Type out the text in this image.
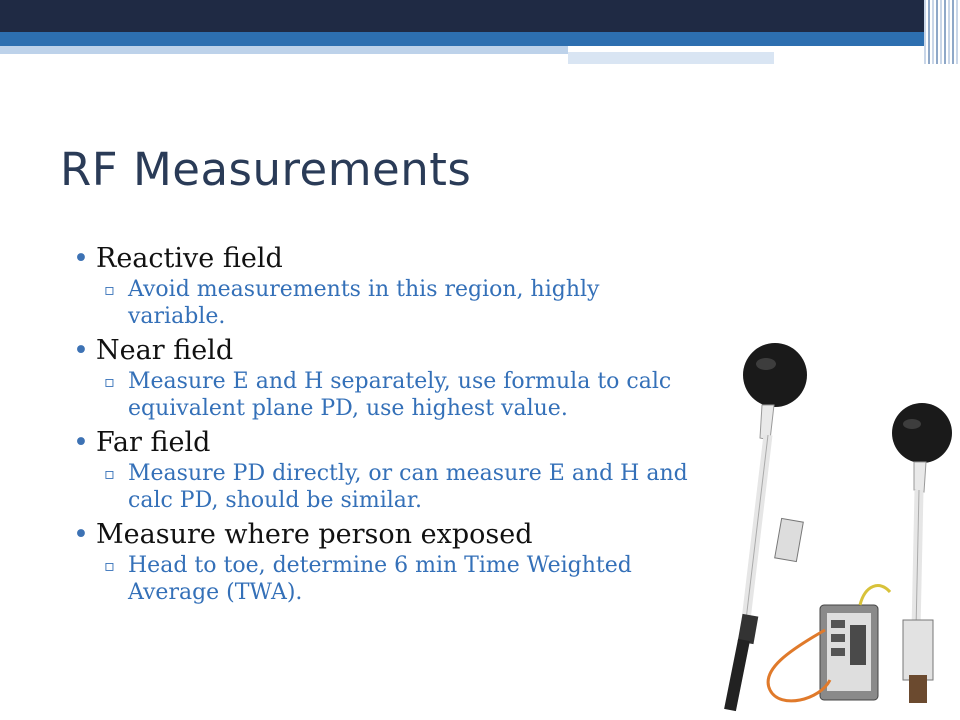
RF Measurements
• Reactive field
▫ Avoid measurements in this region, highly variable.
• Near field
▫ Measure E and H separately, use formula to calc equivalent plane PD, use highest value.
• Far field
▫ Measure PD directly, or can measure E and H and calc PD, should be similar.
• Measure where person exposed
▫ Head to toe, determine 6 min Time Weighted Average (TWA).
